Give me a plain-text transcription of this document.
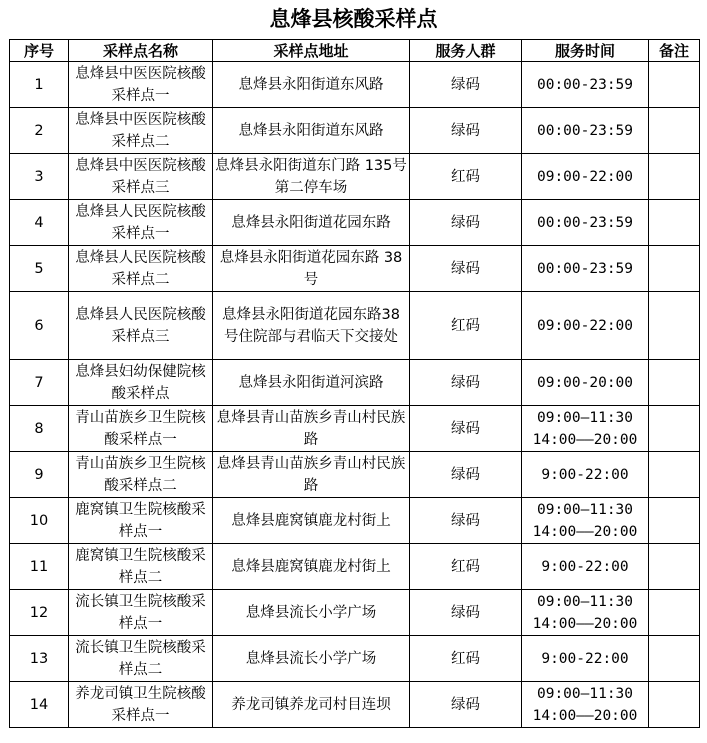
息烽县核酸采样点
序号	采样点名称	采样点地址	服务人群	服务时间	备注
1	息烽县中医医院核酸采样点一	息烽县永阳街道东风路	绿码	00:00-23:59	

2	息烽县中医医院核酸采样点二	息烽县永阳街道东风路	绿码	00:00-23:59	

3	息烽县中医医院核酸采样点三	息烽县永阳街道东门路 135号第二停车场	红码	09:00-22:00	

4	息烽县人民医院核酸采样点一	息烽县永阳街道花园东路	绿码	00:00-23:59	

5	息烽县人民医院核酸采样点二	息烽县永阳街道花园东路 38号	绿码	00:00-23:59	

6	息烽县人民医院核酸采样点三	息烽县永阳街道花园东路38号住院部与君临天下交接处	红码	09:00-22:00	

7	息烽县妇幼保健院核酸采样点	息烽县永阳街道河滨路	绿码	09:00-20:00	

8	青山苗族乡卫生院核酸采样点一	息烽县青山苗族乡青山村民族路	绿码	09:00—11:30
14:00——20:00	

9	青山苗族乡卫生院核酸采样点二	息烽县青山苗族乡青山村民族路	绿码	9:00-22:00	

10	鹿窝镇卫生院核酸采样点一	息烽县鹿窝镇鹿龙村街上	绿码	09:00—11:30
14:00——20:00	

11	鹿窝镇卫生院核酸采样点二	息烽县鹿窝镇鹿龙村街上	红码	9:00-22:00	

12	流长镇卫生院核酸采样点一	息烽县流长小学广场	绿码	09:00—11:30
14:00——20:00	

13	流长镇卫生院核酸采样点二	息烽县流长小学广场	红码	9:00-22:00	

14	养龙司镇卫生院核酸采样点一	养龙司镇养龙司村目连坝	绿码	09:00—11:30
14:00——20:00	
